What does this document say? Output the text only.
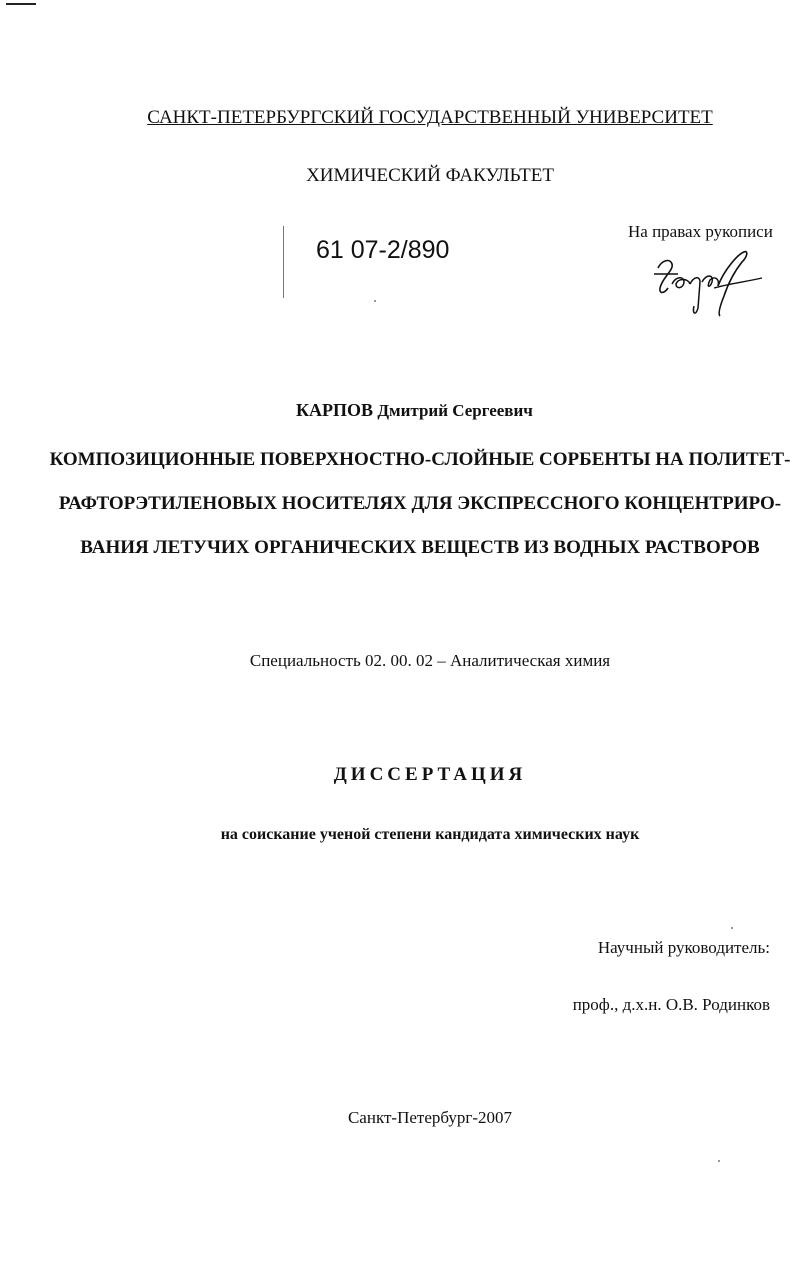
САНКТ-ПЕТЕРБУРГСКИЙ ГОСУДАРСТВЕННЫЙ УНИВЕРСИТЕТ
ХИМИЧЕСКИЙ ФАКУЛЬТЕТ
61 07-2/890
На правах рукописи
КАРПОВ Дмитрий Сергеевич
КОМПОЗИЦИОННЫЕ ПОВЕРХНОСТНО-СЛОЙНЫЕ СОРБЕНТЫ НА ПОЛИТЕТ-
РАФТОРЭТИЛЕНОВЫХ НОСИТЕЛЯХ ДЛЯ ЭКСПРЕССНОГО КОНЦЕНТРИРО-
ВАНИЯ ЛЕТУЧИХ ОРГАНИЧЕСКИХ ВЕЩЕСТВ ИЗ ВОДНЫХ РАСТВОРОВ
Специальность 02. 00. 02 – Аналитическая химия
ДИССЕРТАЦИЯ
на соискание ученой степени кандидата химических наук
Научный руководитель:
проф., д.х.н. О.В. Родинков
Санкт-Петербург-2007
